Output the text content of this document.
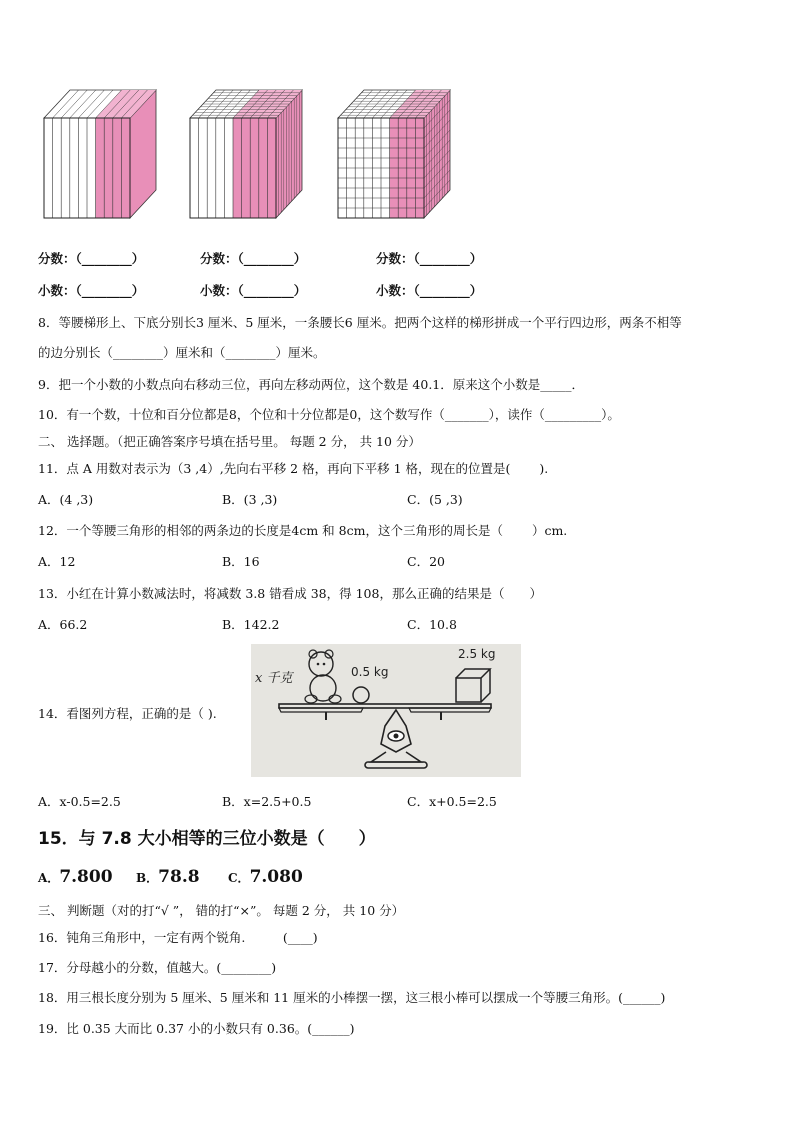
分数：（________）	分数：（________）	分数：（________）
小数：（________）	小数：（________）	小数：（________）
8．等腰梯形上、下底分别长3 厘米、5 厘米，一条腰长6 厘米。把两个这样的梯形拼成一个平行四边形，两条不相等
的边分别长（________）厘米和（________）厘米。
9．把一个小数的小数点向右移动三位，再向左移动两位，这个数是 40.1．原来这个小数是_____．
10．有一个数，十位和百分位都是8，个位和十分位都是0，这个数写作（_______），读作（_________）。
二、 选择题。（把正确答案序号填在括号里。 每题 2 分， 共 10 分）
11．点 A 用数对表示为（3 ,4）,先向右平移 2 格，再向下平移 1 格，现在的位置是(　　 ).
A．(4 ,3)	B．(3 ,3)	C．(5 ,3)
12．一个等腰三角形的相邻的两条边的长度是4cm 和 8cm，这个三角形的周长是（　　 ）cm.
A．12	B．16	C．20
13．小红在计算小数减法时，将减数 3.8 错看成 38，得 108，那么正确的结果是（　　）
A．66.2	B．142.2	C．10.8
14．看图列方程，正确的是（ ).
x 千克	0.5 kg
2.5 kg
A．x-0.5=2.5	B．x=2.5+0.5	C．x+0.5=2.5
15．与 7.8 大小相等的三位小数是（　　）
A．7.800 B．78.8 C．7.080
三、 判断题（对的打“√ ”， 错的打“×”。 每题 2 分， 共 10 分）
16．钝角三角形中，一定有两个锐角.　　　(____)
17．分母越小的分数，值越大。(________)
18．用三根长度分别为 5 厘米、5 厘米和 11 厘米的小棒摆一摆，这三根小棒可以摆成一个等腰三角形。(______)
19．比 0.35 大而比 0.37 小的小数只有 0.36。(______)
